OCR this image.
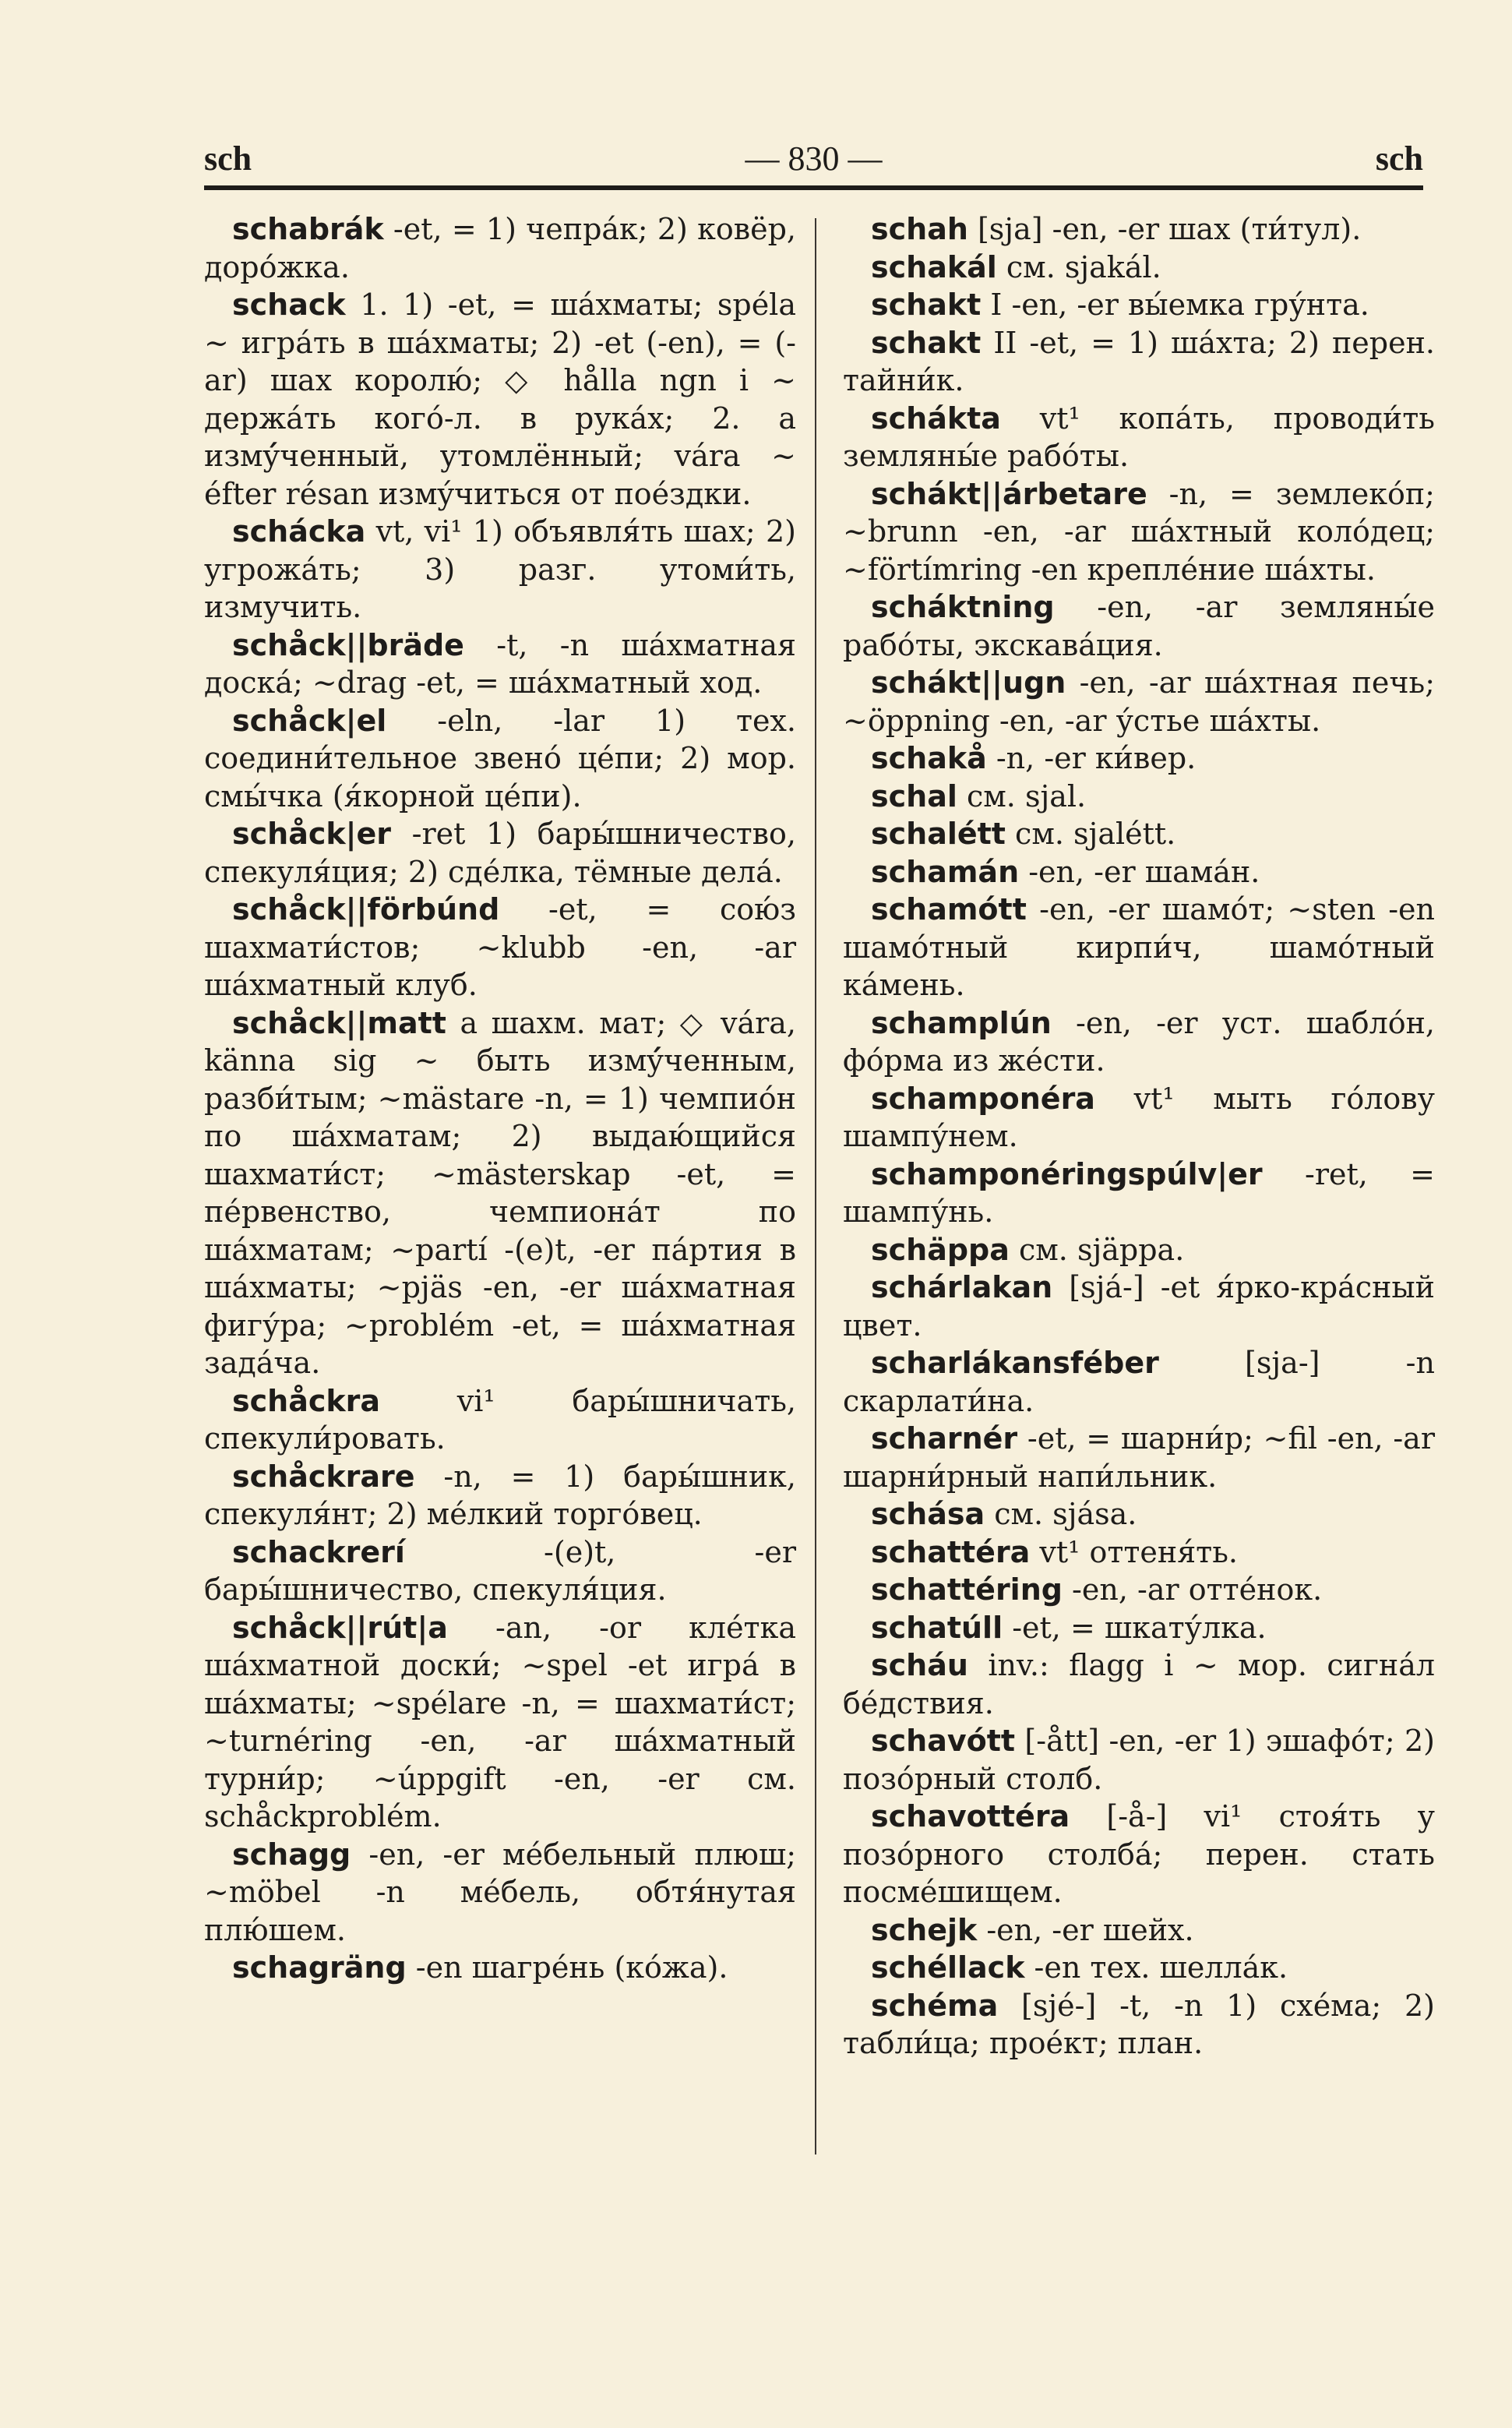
sch	— 830 —	sch

schabrák -et, = 1) чепра́к; 2) ковёр, доро́жка.

schack 1. 1) -et, = ша́хматы; spéla ~ игра́ть в ша́хматы; 2) -et (-en), = (-ar) шах королю́; ◇ hålla ngn i ~ держа́ть кого́-л. в рука́х; 2. a измý́ченный, утомлённый; vára ~ éfter résan измýчиться от пое́здки.

schácka vt, vi¹ 1) объявля́ть шах; 2) угрожа́ть; 3) разг. утоми́ть, измучить.

schåck||bräde -t, -n ша́хматная доска́; ~drag -et, = ша́хматный ход.

schåck|el -eln, -lar 1) тех. соедини́тельное звено́ це́пи; 2) мор. смы́чка (я́корной це́пи).

schåck|er -ret 1) бары́шничество, спекуля́ция; 2) сде́лка, тёмные дела́.

schåck||förbúnd -et, = сою́з шахмати́стов; ~klubb -en, -ar ша́хматный клуб.

schåck||matt a шахм. мат; ◇ vára, kännа sig ~ быть измý́ченным, разби́тым; ~mästare -n, = 1) чемпио́н по ша́хматам; 2) выдаю́щийся шахмати́ст; ~mästerskap -et, = пе́рвенство, чемпиона́т по ша́хматам; ~partí -(e)t, -er па́ртия в ша́хматы; ~pjäs -en, -er ша́хматная фигу́ра; ~problém -et, = ша́хматная зада́ча.

schåckra vi¹ бары́шничать, спекули́ровать.

schåckrare -n, = 1) бары́шник, спекуля́нт; 2) ме́лкий торго́вец.

schackrerí -(e)t, -er бары́шничество, спекуля́ция.

schåck||rút|a -an, -or кле́тка ша́хматной доски́; ~spel -et игра́ в ша́хматы; ~spélare -n, = шахмати́ст; ~turnéring -en, -ar ша́хматный турни́р; ~úppgift -en, -er см. schåckproblém.

schagg -en, -er ме́бельный плюш; ~möbel -n ме́бель, обтя́нутая плю́шем.

schagräng -en шагре́нь (ко́жа).

schah [sja] -en, -er шах (ти́тул).

schakál см. sjakál.

schakt I -en, -er вы́емка гру́нта.

schakt II -et, = 1) ша́хта; 2) перен. тайни́к.

schákta vt¹ копа́ть, проводи́ть земляны́е рабо́ты.

schákt||árbetare -n, = землеко́п; ~brunn -en, -ar ша́хтный коло́дец; ~förtímring -en крепле́ние ша́хты.

scháktning -en, -ar земляны́е рабо́ты, экскава́ция.

schákt||ugn -en, -ar ша́хтная печь; ~öppning -en, -ar у́стье ша́хты.

schakå -n, -er ки́вер.

schal см. sjal.

schalétt см. sjalétt.

schamán -en, -er шама́н.

schamótt -en, -er шамо́т; ~sten -en шамо́тный кирпи́ч, шамо́тный ка́мень.

schamplún -en, -er уст. шабло́н, фо́рма из же́сти.

schamponéra vt¹ мыть го́лову шампу́нем.

schamponéringspúlv|er -ret, = шампу́нь.

schäppa см. sjäppa.

schárlakan [sjá-] -et я́рко-кра́сный цвет.

scharlákansféber [sja-] -n скарлати́на.

scharnér -et, = шарни́р; ~fil -en, -ar шарни́рный напи́льник.

schása см. sjása.

schattéra vt¹ оттеня́ть.

schattéring -en, -ar отте́нок.

schatúll -et, = шкату́лка.

scháu inv.: flagg i ~ мор. сигна́л бе́дствия.

schavótt [-ått] -en, -er 1) эшафо́т; 2) позо́рный столб.

schavottéra [-å-] vi¹ стоя́ть у позо́рного столба́; перен. стать посме́шищем.

schejk -en, -er шейх.

schéllack -en тех. шелла́к.

schéma [sjé-] -t, -n 1) схе́ма; 2) табли́ца; прое́кт; план.
